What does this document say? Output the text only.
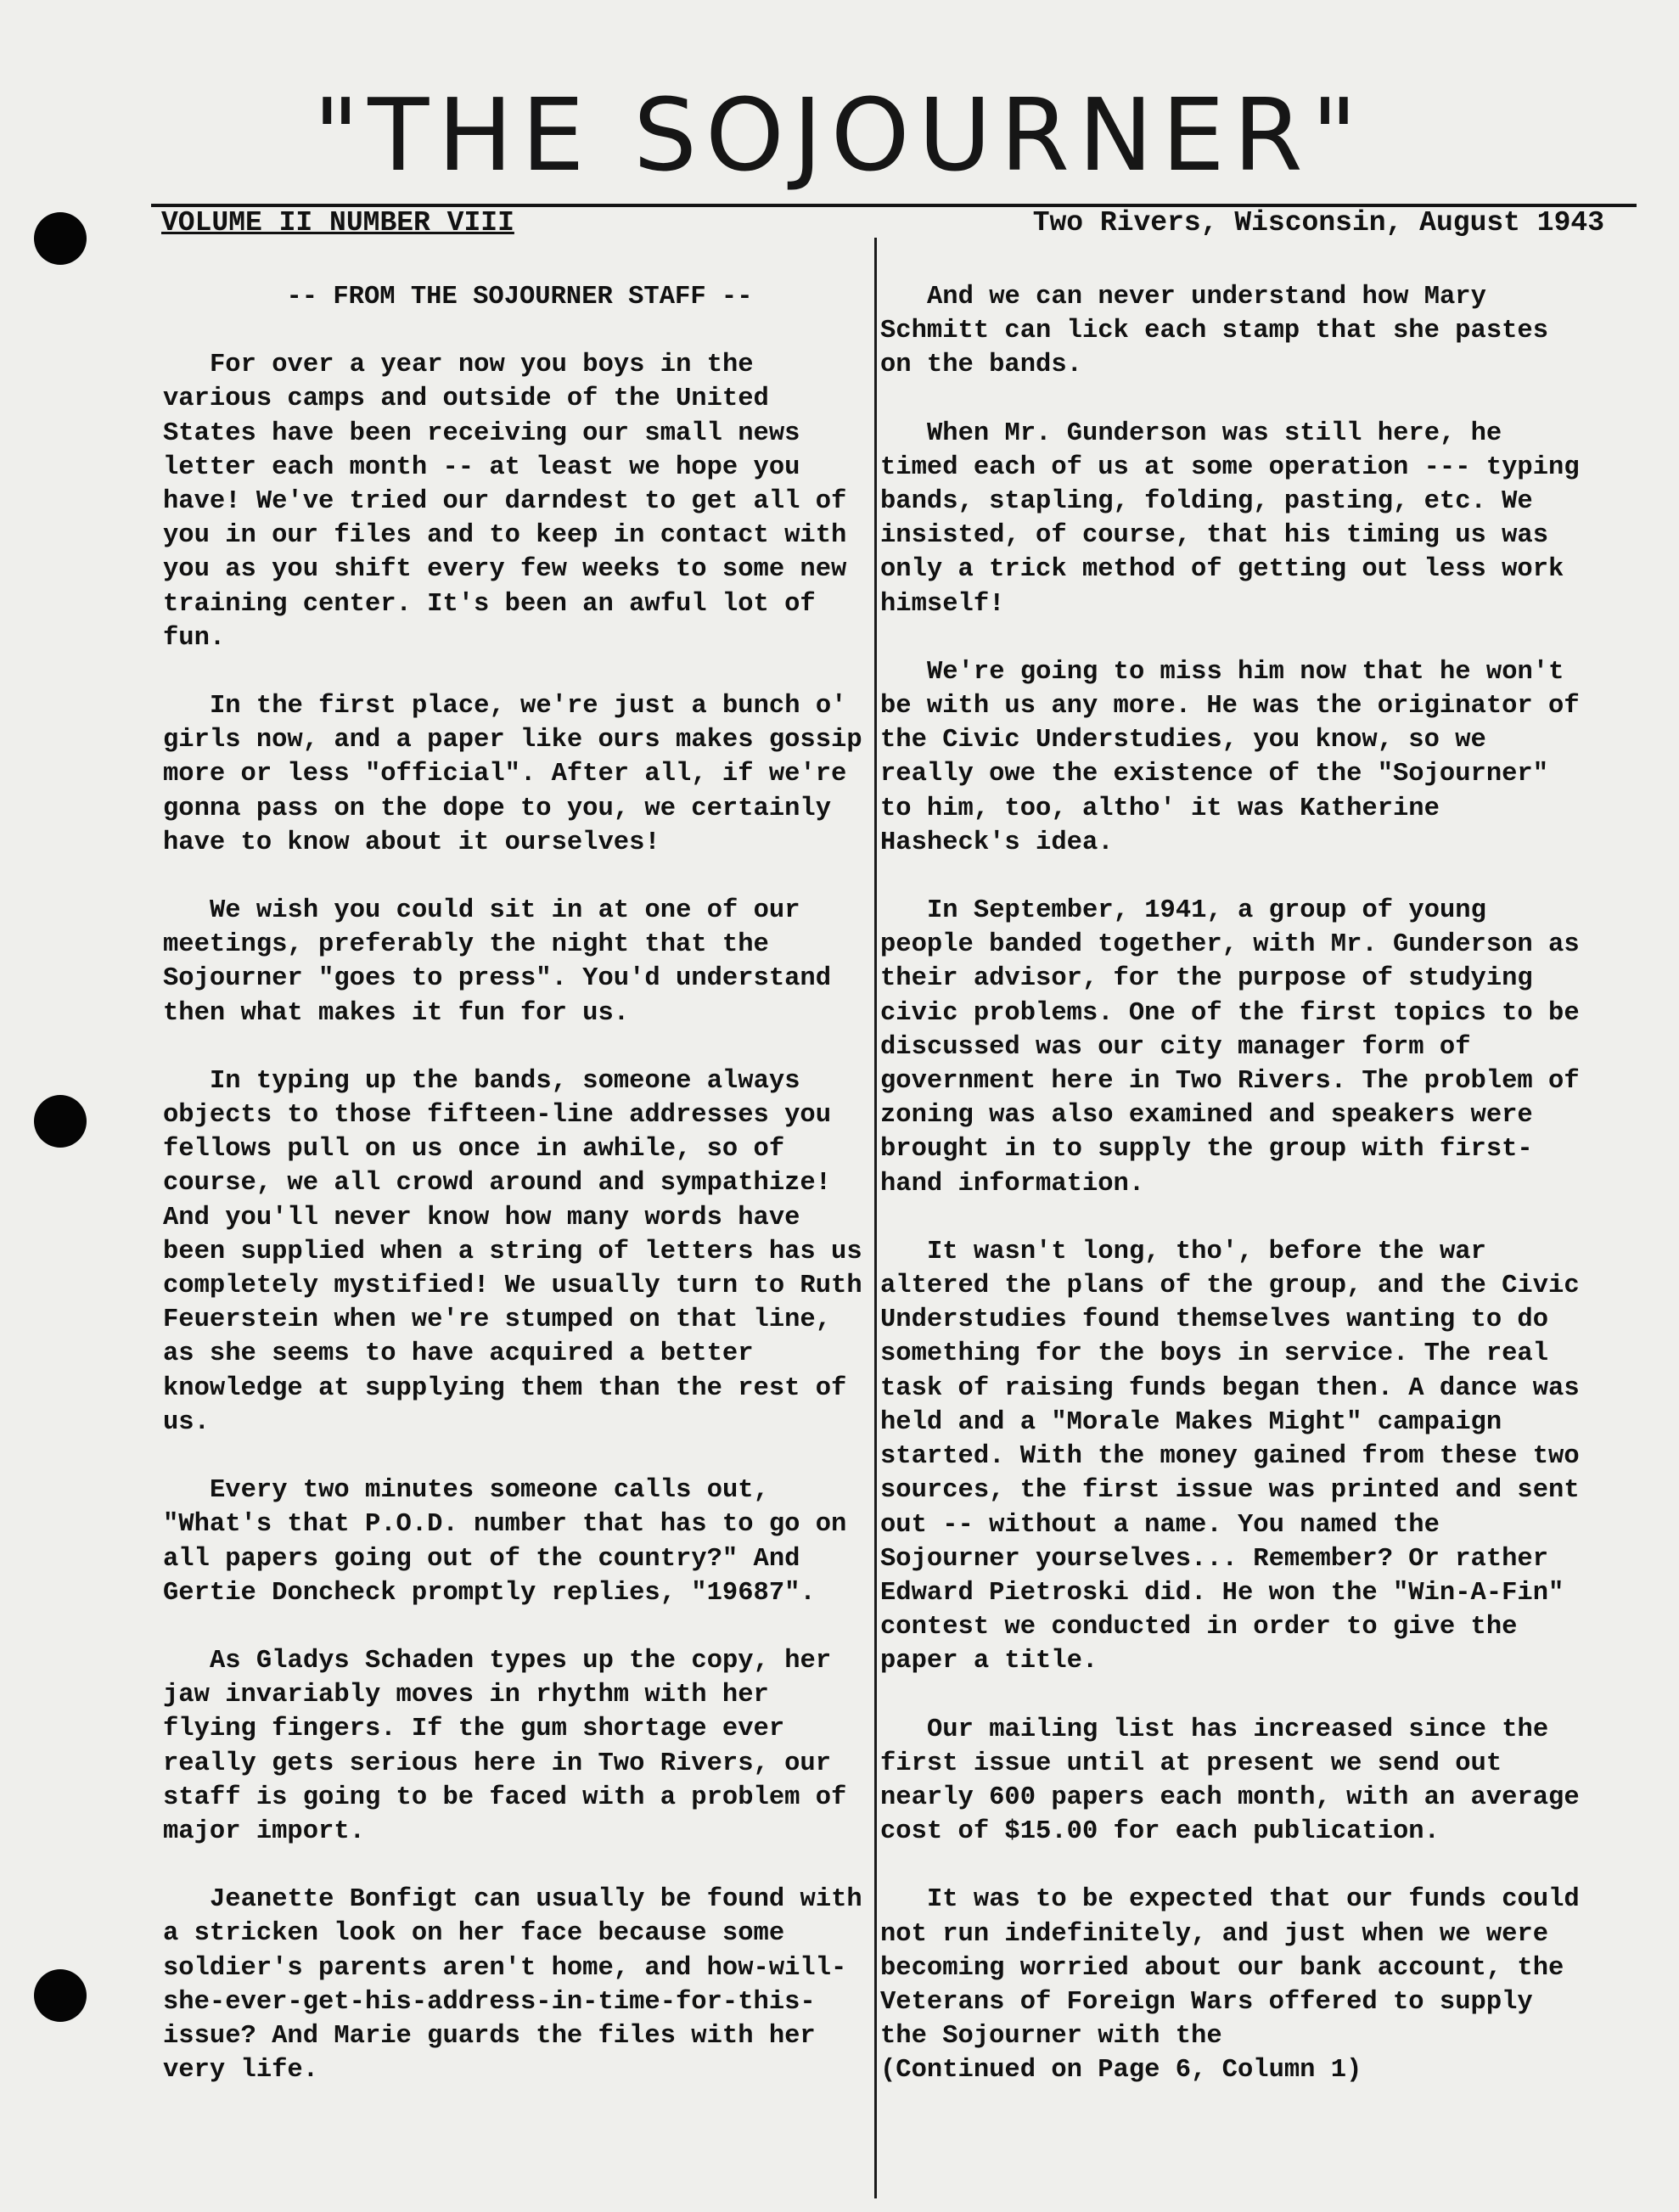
"THE SOJOURNER"
VOLUME II NUMBER VIII	Two Rivers, Wisconsin, August 1943
-- FROM THE SOJOURNER STAFF --

For over a year now you boys in the various camps and outside of the United States have been receiving our small news letter each month -- at least we hope you have! We've tried our darndest to get all of you in our files and to keep in contact with you as you shift every few weeks to some new training center. It's been an awful lot of fun.

In the first place, we're just a bunch o' girls now, and a paper like ours makes gossip more or less "official". After all, if we're gonna pass on the dope to you, we certainly have to know about it ourselves!

We wish you could sit in at one of our meetings, preferably the night that the Sojourner "goes to press". You'd understand then what makes it fun for us.

In typing up the bands, someone always objects to those fifteen-line addresses you fellows pull on us once in awhile, so of course, we all crowd around and sympathize! And you'll never know how many words have been supplied when a string of letters has us completely mystified! We usually turn to Ruth Feuerstein when we're stumped on that line, as she seems to have acquired a better knowledge at supplying them than the rest of us.

Every two minutes someone calls out, "What's that P.O.D. number that has to go on all papers going out of the country?" And Gertie Doncheck promptly replies, "19687".

As Gladys Schaden types up the copy, her jaw invariably moves in rhythm with her flying fingers. If the gum shortage ever really gets serious here in Two Rivers, our staff is going to be faced with a problem of major import.

Jeanette Bonfigt can usually be found with a stricken look on her face because some soldier's parents aren't home, and how-will-she-ever-get-his-address-in-time-for-this-issue? And Marie guards the files with her very life.

And we can never understand how Mary Schmitt can lick each stamp that she pastes on the bands.

When Mr. Gunderson was still here, he timed each of us at some operation --- typing bands, stapling, folding, pasting, etc. We insisted, of course, that his timing us was only a trick method of getting out less work himself!

We're going to miss him now that he won't be with us any more. He was the originator of the Civic Understudies, you know, so we really owe the existence of the "Sojourner" to him, too, altho' it was Katherine Hasheck's idea.

In September, 1941, a group of young people banded together, with Mr. Gunderson as their advisor, for the purpose of studying civic problems. One of the first topics to be discussed was our city manager form of government here in Two Rivers. The problem of zoning was also examined and speakers were brought in to supply the group with first-hand information.

It wasn't long, tho', before the war altered the plans of the group, and the Civic Understudies found themselves wanting to do something for the boys in service. The real task of raising funds began then. A dance was held and a "Morale Makes Might" campaign started. With the money gained from these two sources, the first issue was printed and sent out -- without a name. You named the Sojourner yourselves... Remember? Or rather Edward Pietroski did. He won the "Win-A-Fin" contest we conducted in order to give the paper a title.

Our mailing list has increased since the first issue until at present we send out nearly 600 papers each month, with an average cost of $15.00 for each publication.

It was to be expected that our funds could not run indefinitely, and just when we were becoming worried about our bank account, the Veterans of Foreign Wars offered to supply the Sojourner with the

(Continued on Page 6, Column 1)
